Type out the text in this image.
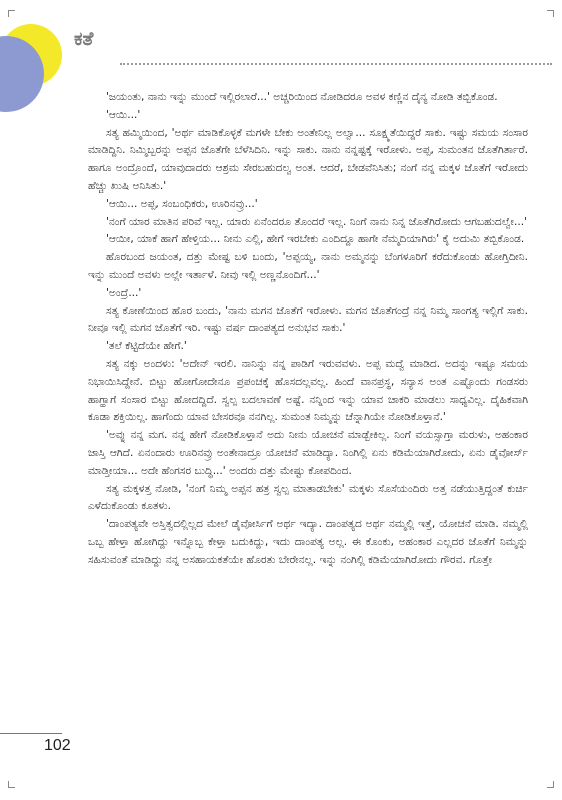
ಕತೆ

'ಜಯಂತು, ನಾನು ಇನ್ನು ಮುಂದೆ ಇಲ್ಲಿರಲಾರೆ...' ಅಚ್ಚರಿಯಿಂದ ನೋಡಿದರೂ ಅವಳ ಕಣ್ಣಿನ ದೈನ್ಯ ನೋಡಿ ತಬ್ಬಿಕೊಂಡ.

'ಆಯಿ...'

ಸತ್ಯ ಹಮ್ಮಿಯಿಂದ, 'ಅರ್ಥ ಮಾಡಿಕೊಳ್ಳಕೆ ಮಗಳೇ ಬೇಕು ಅಂತೇನಿಲ್ಲ ಅಲ್ವಾ... ಸೂಕ್ಷ್ಮತೆಯಿದ್ದರೆ ಸಾಕು. ಇಷ್ಟು ಸಮಯ ಸಂಸಾರ ಮಾಡಿದ್ದಿನಿ. ನಿಮ್ಮಿಬ್ಬರನ್ನು ಅಪ್ಪನ ಜೊತೆಗೇ ಬೆಳೆಸಿದಿನಿ. ಇನ್ನು ಸಾಕು. ನಾನು ನನ್ನಷ್ಟಕ್ಕೆ ಇರೋಳು. ಅಪ್ಪ, ಸುಮಂತನ ಜೊತೆಗಿರ್ತಾರೆ. ಹಾಗೂ ಅಂದ್ರೊಂದೆ, ಯಾವುದಾದರು ಆಶ್ರಮ ಸೇರಬಹುದಲ್ವ ಅಂತ. ಆದರೆ, ಬೇಡವೆನಿಸಿತು; ನಂಗೆ ನನ್ನ ಮಕ್ಕಳ ಜೊತೆಗೆ ಇರೋದು ಹೆಚ್ಚು ಖುಷಿ ಅನಿಸಿತು.'

'ಆಯಿ... ಅಪ್ಪ, ಸಂಬಂಧಿಕರು, ಊರಿನವ್ರು...'

'ನಂಗೆ ಯಾರ ಮಾತಿನ ಪರಿವೆ ಇಲ್ಲ. ಯಾರು ಏನೆಂದರೂ ತೊಂದರೆ ಇಲ್ಲ. ನಿಂಗೆ ನಾನು ನಿನ್ನ ಜೊತೆಗಿರೋದು ಆಗಬಹುದಲ್ವೇ...'

'ಆಯೀ, ಯಾಕೆ ಹಾಗೆ ಹೇಳ್ತಿಯ... ನೀನು ಎಲ್ಲಿ, ಹೇಗೆ ಇರಬೇಕು ಎಂದಿದ್ದೂ ಹಾಗೇ ನೆಮ್ಮದಿಯಾಗಿರು' ಕೈ ಅದುಮಿ ತಬ್ಬಿಕೊಂಡ.

ಹೊರಬಂದ ಜಯಂತ, ದತ್ತು ಮೇಷ್ಟ ಬಳಿ ಬಂದು, 'ಅಪ್ಪಯ್ಯ, ನಾನು ಅಮ್ಮನನ್ನು ಬೆಂಗಳೂರಿಗೆ ಕರೆದುಕೊಂಡು ಹೋಗ್ತಿದೀನಿ. ಇನ್ನು ಮುಂದೆ ಅವಳು ಅಲ್ಲೇ ಇರ್ತಾಳೆ. ನೀವು ಇಲ್ಲಿ ಅಣ್ಣನೊಂದಿಗೆ...'

'ಅಂದ್ರೆ...'

ಸತ್ಯ ಕೋಣೆಯಿಂದ ಹೊರ ಬಂದು, 'ನಾನು ಮಗನ ಜೊತೆಗೆ ಇರೋಳು. ಮಗನ ಜೊತೆಗಂದ್ರೆ ನನ್ನ ನಿಮ್ಮ ಸಾಂಗತ್ಯ ಇಲ್ಲಿಗೆ ಸಾಕು. ನೀವೂ ಇಲ್ಲಿ ಮಗನ ಜೊತೆಗೆ ಇರಿ. ಇಷ್ಟು ವರ್ಷ ದಾಂಪತ್ಯದ ಅನುಭವ ಸಾಕು.'

'ತಲೆ ಕೆಟ್ಟಿದೆಯೇ ಹೇಗೆ.'

ಸತ್ಯ ನಕ್ಕು ಅಂದಳು: 'ಅದೇನ್ ಇರಲಿ. ನಾನಿನ್ನು ನನ್ನ ಪಾಡಿಗೆ ಇರುವವಳು. ಅಪ್ಪ ಮದ್ವೆ ಮಾಡಿದ. ಅದನ್ನು ಇಷ್ಟೂ ಸಮಯ ನಿಭಾಯಿಸಿದ್ದೇನೆ. ಬಿಟ್ಟು ಹೋಗೋದೇನೂ ಪ್ರಪಂಚಕ್ಕೆ ಹೊಸದಲ್ಲವಲ್ಲ. ಹಿಂದೆ ವಾನಪ್ರಸ್ಥ, ಸನ್ಯಾಸ ಅಂತ ಎಷ್ಟೊಂದು ಗಂಡಸರು ಹಾಗ್ಹಾಗೆ ಸಂಸಾರ ಬಿಟ್ಟು ಹೋದದ್ದಿದೆ. ಸ್ವಲ್ಪ ಬದಲಾವಣೆ ಅಷ್ಟೆ. ನನ್ನಿಂದ ಇನ್ನು ಯಾವ ಚಾಕರಿ ಮಾಡಲು ಸಾಧ್ಯವಿಲ್ಲ. ದೈಹಿಕವಾಗಿ ಕೂಡಾ ಶಕ್ತಿಯಿಲ್ಲ. ಹಾಗೆಂದು ಯಾವ ಬೇಸರವೂ ನನಗಿಲ್ಲ. ಸುಮಂತ ನಿಮ್ಮನ್ನು ಚೆನ್ನಾಗಿಯೇ ನೋಡಿಕೊಳ್ತಾನೆ.'

'ಅವ್ನು ನನ್ನ ಮಗ. ನನ್ನ ಹೇಗೆ ನೋಡಿಕೊಳ್ತಾನೆ ಅದು ನೀನು ಯೋಚನೆ ಮಾಡ್ಬೇಕಿಲ್ಲ. ನಿಂಗೆ ವಯಸ್ಸಾಗ್ತಾ ಮರುಳು, ಅಹಂಕಾರ ಜಾಸ್ತಿ ಆಗಿದೆ. ಏನಂದಾರು ಊರಿನವ್ರು ಅಂತೇನಾದ್ರೂ ಯೋಚನೆ ಮಾಡಿದ್ಯಾ. ನಿಂಗಿಲ್ಲಿ ಏನು ಕಡಿಮೆಯಾಗಿರೋದು, ಏನು ಡೈವೋರ್ಸ್ ಮಾಡ್ತೀಯಾ... ಅದೇ ಹೆಂಗಸರ ಬುದ್ಧಿ...' ಅಂದರು ದತ್ತು ಮೇಷ್ಟು ಕೋಪದಿಂದ.

ಸತ್ಯ ಮಕ್ಕಳತ್ತ ನೋಡಿ, 'ನಂಗೆ ನಿಮ್ಮ ಅಪ್ಪನ ಹತ್ರ ಸ್ವಲ್ಪ ಮಾತಾಡಬೇಕು' ಮಕ್ಕಳು ಸೊಸೆಯಂದಿರು ಅತ್ತ ನಡೆಯುತ್ತಿದ್ದಂತೆ ಕುರ್ಚಿ ಎಳೆದುಕೊಂಡು ಕೂತಳು.

'ದಾಂಪತ್ಯವೇ ಅಸ್ತಿತ್ವದಲ್ಲಿಲ್ಲದ ಮೇಲೆ ಡೈವೋರ್ಸಿಗೆ ಅರ್ಥ ಇದ್ಯಾ. ದಾಂಪತ್ಯದ ಅರ್ಥ ನಮ್ಮಲ್ಲಿ ಇತ್ತೆ, ಯೋಚನೆ ಮಾಡಿ. ನಮ್ಮಲ್ಲಿ ಒಬ್ಬ ಹೇಳ್ತಾ ಹೋಗಿದ್ದು ಇನ್ನೊಬ್ಬ ಕೇಳ್ತಾ ಬದುಕಿದ್ದು, ಇದು ದಾಂಪತ್ಯ ಅಲ್ಲ. ಈ ಕೊಂಕು, ಅಹಂಕಾರ ಎಲ್ಲದರ ಜೊತೆಗೆ ನಿಮ್ಮನ್ನು ಸಹಿಸುವಂತೆ ಮಾಡಿದ್ದು ನನ್ನ ಅಸಹಾಯಕತೆಯೇ ಹೊರತು ಬೇರೇನಲ್ಲ. ಇನ್ನು ನಂಗಿಲ್ಲಿ ಕಡಿಮೆಯಾಗಿರೋದು ಗೌರವ. ಗೊತ್ತೇ

102
